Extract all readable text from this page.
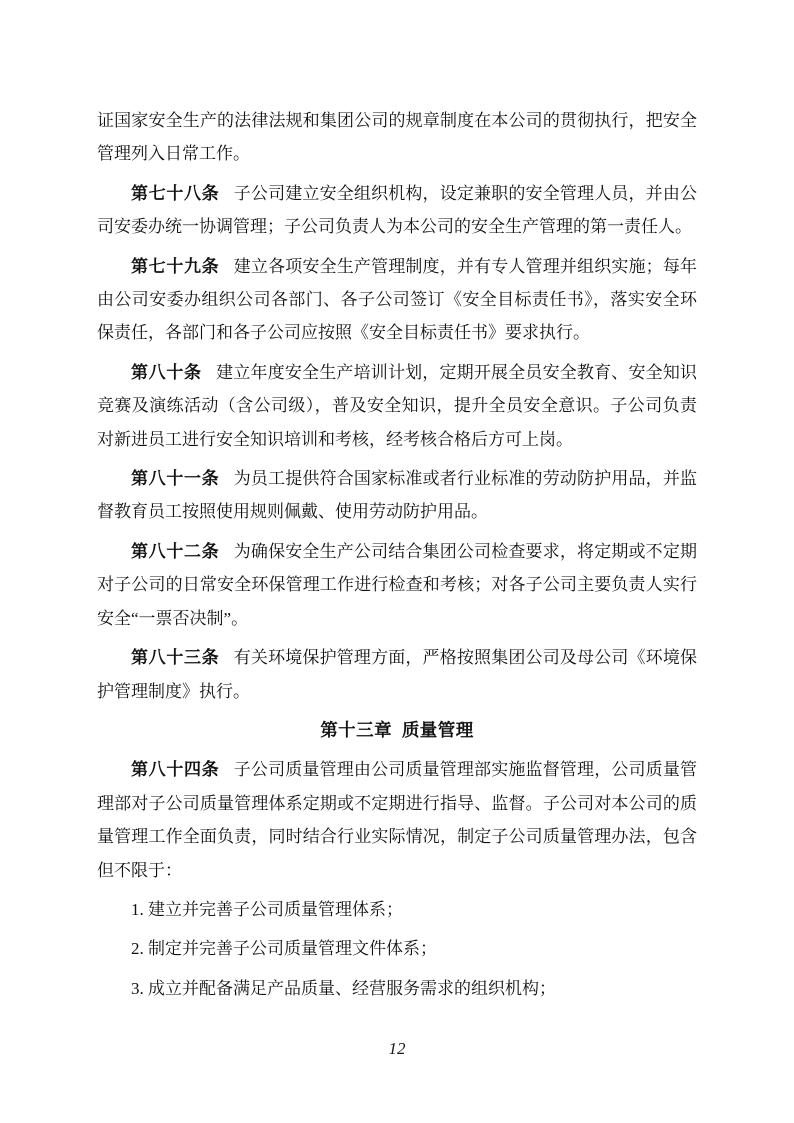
证国家安全生产的法律法规和集团公司的规章制度在本公司的贯彻执行，把安全
管理列入日常工作。
第七十八条 子公司建立安全组织机构，设定兼职的安全管理人员，并由公
司安委办统一协调管理；子公司负责人为本公司的安全生产管理的第一责任人。
第七十九条 建立各项安全生产管理制度，并有专人管理并组织实施；每年
由公司安委办组织公司各部门、各子公司签订《安全目标责任书》，落实安全环
保责任，各部门和各子公司应按照《安全目标责任书》要求执行。
第八十条 建立年度安全生产培训计划，定期开展全员安全教育、安全知识
竞赛及演练活动（含公司级），普及安全知识，提升全员安全意识。子公司负责
对新进员工进行安全知识培训和考核，经考核合格后方可上岗。
第八十一条 为员工提供符合国家标准或者行业标准的劳动防护用品，并监
督教育员工按照使用规则佩戴、使用劳动防护用品。
第八十二条 为确保安全生产公司结合集团公司检查要求，将定期或不定期
对子公司的日常安全环保管理工作进行检查和考核；对各子公司主要负责人实行
安全“一票否决制”。
第八十三条 有关环境保护管理方面，严格按照集团公司及母公司《环境保
护管理制度》执行。
第十三章 质量管理
第八十四条 子公司质量管理由公司质量管理部实施监督管理，公司质量管
理部对子公司质量管理体系定期或不定期进行指导、监督。子公司对本公司的质
量管理工作全面负责，同时结合行业实际情况，制定子公司质量管理办法，包含
但不限于：
1. 建立并完善子公司质量管理体系；
2. 制定并完善子公司质量管理文件体系；
3. 成立并配备满足产品质量、经营服务需求的组织机构；
12
